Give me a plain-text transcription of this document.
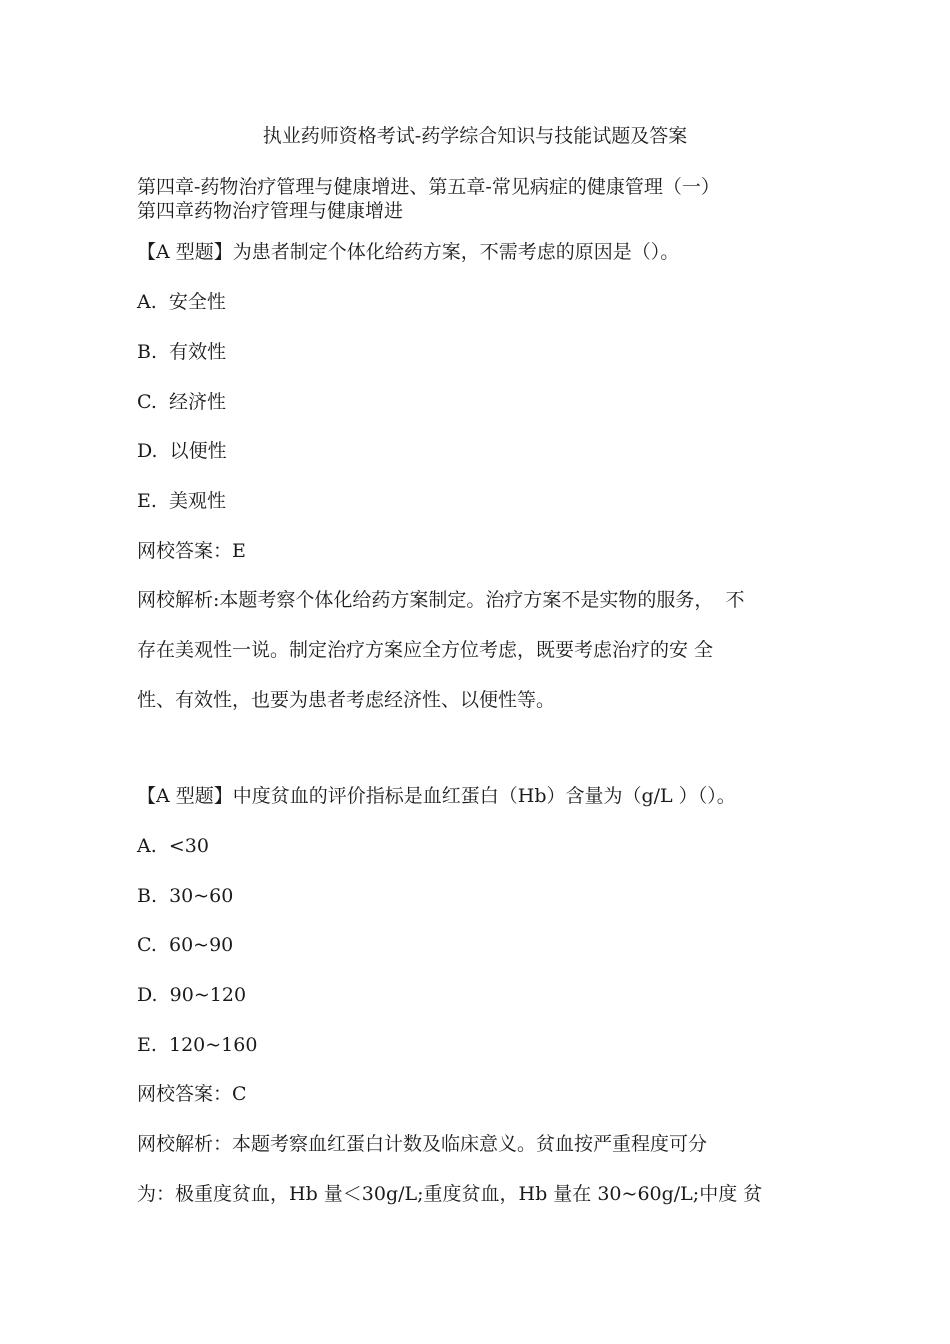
执业药师资格考试-药学综合知识与技能试题及答案
第四章-药物治疗管理与健康增进、第五章-常见病症的健康管理（一）
第四章药物治疗管理与健康增进
【A 型题】为患者制定个体化给药方案，不需考虑的原因是（）。
A.  安全性
B.  有效性
C.  经济性
D.  以便性
E.  美观性
网校答案：E
网校解析:本题考察个体化给药方案制定。治疗方案不是实物的服务，  不
存在美观性一说。制定治疗方案应全方位考虑，既要考虑治疗的安 全
性、有效性，也要为患者考虑经济性、以便性等。
【A 型题】中度贫血的评价指标是血红蛋白（Hb）含量为（g/L ）（）。
A.  <30
B.  30~60
C.  60~90
D.  90~120
E.  120~160
网校答案：C
网校解析：本题考察血红蛋白计数及临床意义。贫血按严重程度可分
为：极重度贫血，Hb 量＜30g/L;重度贫血，Hb 量在 30~60g/L;中度 贫
